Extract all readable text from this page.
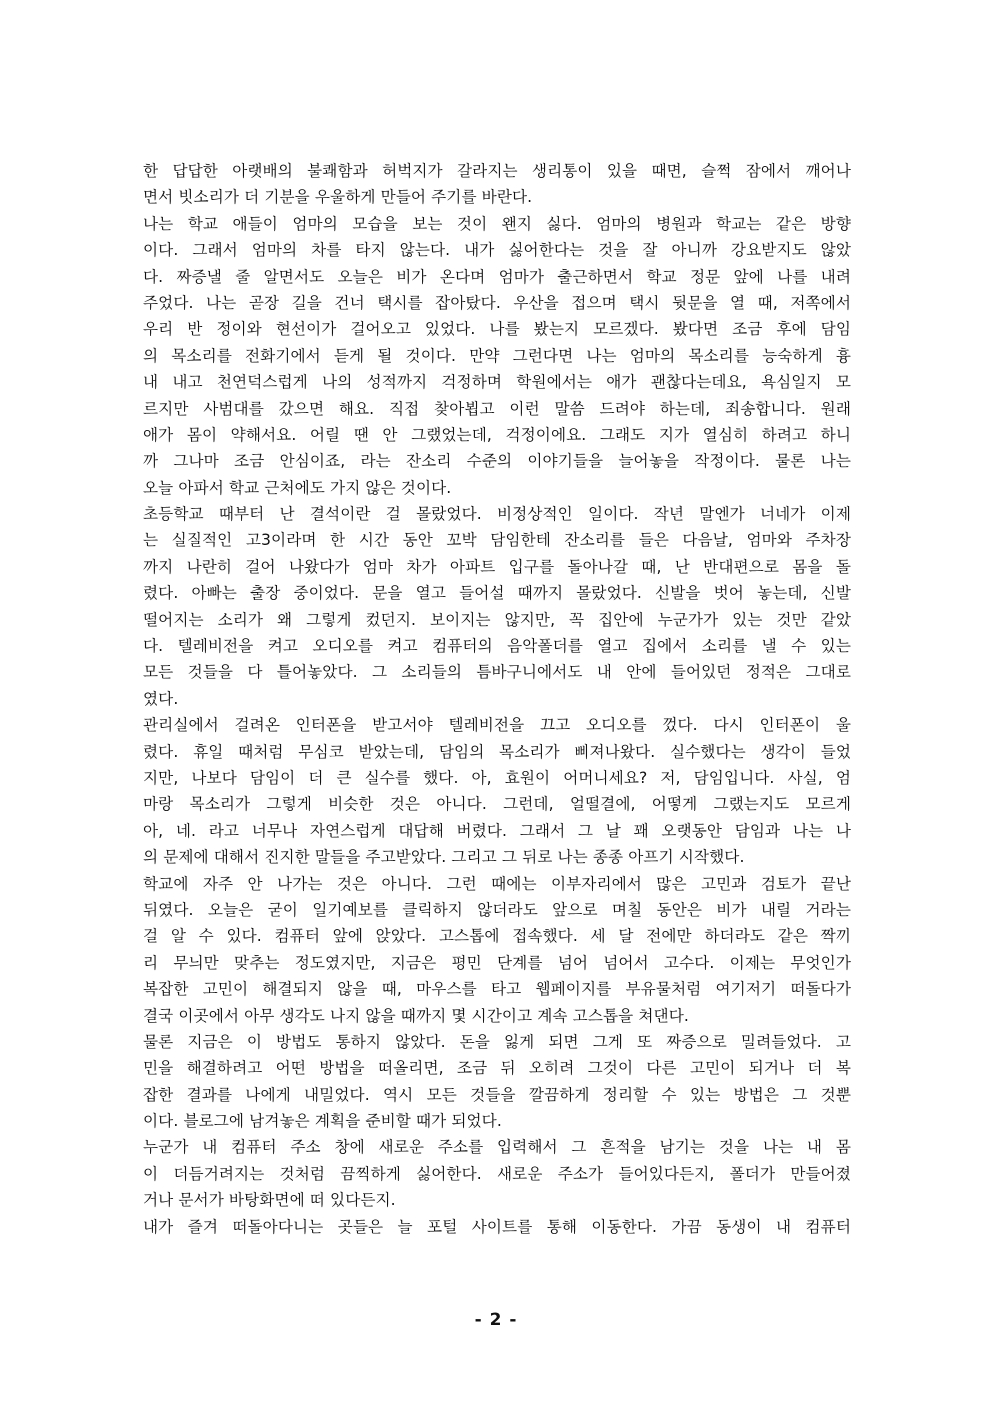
한 답답한 아랫배의 불쾌함과 허벅지가 갈라지는 생리통이 있을 때면, 슬쩍 잠에서 깨어나
면서 빗소리가 더 기분을 우울하게 만들어 주기를 바란다.
나는 학교 애들이 엄마의 모습을 보는 것이 왠지 싫다. 엄마의 병원과 학교는 같은 방향
이다. 그래서 엄마의 차를 타지 않는다. 내가 싫어한다는 것을 잘 아니까 강요받지도 않았
다. 짜증낼 줄 알면서도 오늘은 비가 온다며 엄마가 출근하면서 학교 정문 앞에 나를 내려
주었다. 나는 곧장 길을 건너 택시를 잡아탔다. 우산을 접으며 택시 뒷문을 열 때, 저쪽에서
우리 반 정이와 현선이가 걸어오고 있었다. 나를 봤는지 모르겠다. 봤다면 조금 후에 담임
의 목소리를 전화기에서 듣게 될 것이다. 만약 그런다면 나는 엄마의 목소리를 능숙하게 흉
내 내고 천연덕스럽게 나의 성적까지 걱정하며 학원에서는 애가 괜찮다는데요, 욕심일지 모
르지만 사범대를 갔으면 해요. 직접 찾아뵙고 이런 말씀 드려야 하는데, 죄송합니다. 원래
애가 몸이 약해서요. 어릴 땐 안 그랬었는데, 걱정이에요. 그래도 지가 열심히 하려고 하니
까 그나마 조금 안심이죠, 라는 잔소리 수준의 이야기들을 늘어놓을 작정이다. 물론 나는
오늘 아파서 학교 근처에도 가지 않은 것이다.
초등학교 때부터 난 결석이란 걸 몰랐었다. 비정상적인 일이다. 작년 말엔가 너네가 이제
는 실질적인 고3이라며 한 시간 동안 꼬박 담임한테 잔소리를 들은 다음날, 엄마와 주차장
까지 나란히 걸어 나왔다가 엄마 차가 아파트 입구를 돌아나갈 때, 난 반대편으로 몸을 돌
렸다. 아빠는 출장 중이었다. 문을 열고 들어설 때까지 몰랐었다. 신발을 벗어 놓는데, 신발
떨어지는 소리가 왜 그렇게 컸던지. 보이지는 않지만, 꼭 집안에 누군가가 있는 것만 같았
다. 텔레비전을 켜고 오디오를 켜고 컴퓨터의 음악폴더를 열고 집에서 소리를 낼 수 있는
모든 것들을 다 틀어놓았다. 그 소리들의 틈바구니에서도 내 안에 들어있던 정적은 그대로
였다.
관리실에서 걸려온 인터폰을 받고서야 텔레비전을 끄고 오디오를 껐다. 다시 인터폰이 울
렸다. 휴일 때처럼 무심코 받았는데, 담임의 목소리가 삐져나왔다. 실수했다는 생각이 들었
지만, 나보다 담임이 더 큰 실수를 했다. 아, 효원이 어머니세요? 저, 담임입니다. 사실, 엄
마랑 목소리가 그렇게 비슷한 것은 아니다. 그런데, 얼떨결에, 어떻게 그랬는지도 모르게
아, 네. 라고 너무나 자연스럽게 대답해 버렸다. 그래서 그 날 꽤 오랫동안 담임과 나는 나
의 문제에 대해서 진지한 말들을 주고받았다. 그리고 그 뒤로 나는 종종 아프기 시작했다.
학교에 자주 안 나가는 것은 아니다. 그런 때에는 이부자리에서 많은 고민과 검토가 끝난
뒤였다. 오늘은 굳이 일기예보를 클릭하지 않더라도 앞으로 며칠 동안은 비가 내릴 거라는
걸 알 수 있다. 컴퓨터 앞에 앉았다. 고스톱에 접속했다. 세 달 전에만 하더라도 같은 짝끼
리 무늬만 맞추는 정도였지만, 지금은 평민 단계를 넘어 넘어서 고수다. 이제는 무엇인가
복잡한 고민이 해결되지 않을 때, 마우스를 타고 웹페이지를 부유물처럼 여기저기 떠돌다가
결국 이곳에서 아무 생각도 나지 않을 때까지 몇 시간이고 계속 고스톱을 쳐댄다.
물론 지금은 이 방법도 통하지 않았다. 돈을 잃게 되면 그게 또 짜증으로 밀려들었다. 고
민을 해결하려고 어떤 방법을 떠올리면, 조금 뒤 오히려 그것이 다른 고민이 되거나 더 복
잡한 결과를 나에게 내밀었다. 역시 모든 것들을 깔끔하게 정리할 수 있는 방법은 그 것뿐
이다. 블로그에 남겨놓은 계획을 준비할 때가 되었다.
누군가 내 컴퓨터 주소 창에 새로운 주소를 입력해서 그 흔적을 남기는 것을 나는 내 몸
이 더듬거려지는 것처럼 끔찍하게 싫어한다. 새로운 주소가 들어있다든지, 폴더가 만들어졌
거나 문서가 바탕화면에 떠 있다든지.
내가 즐겨 떠돌아다니는 곳들은 늘 포털 사이트를 통해 이동한다. 가끔 동생이 내 컴퓨터
- 2 -
